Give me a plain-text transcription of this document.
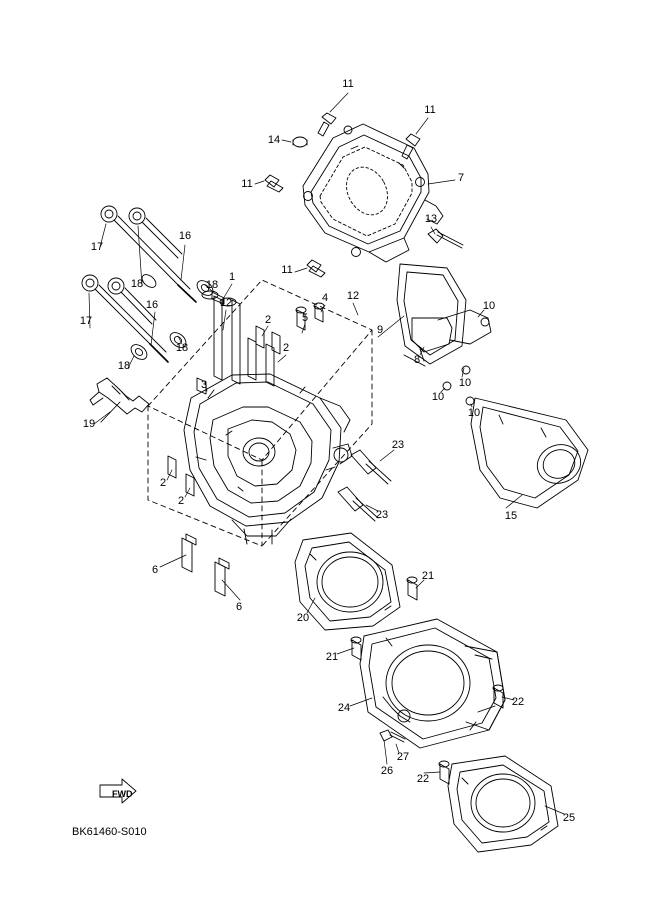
FWD
BK61460-S010
11
11
14
11	7
13
17
16
18	18
1
11
12
16
17
12	4
10
2	5
9
18
18
2
8
10
3
10
10
19
23
2
2
23	15
6
6
20
21
21
22
24
27
26
22
25
